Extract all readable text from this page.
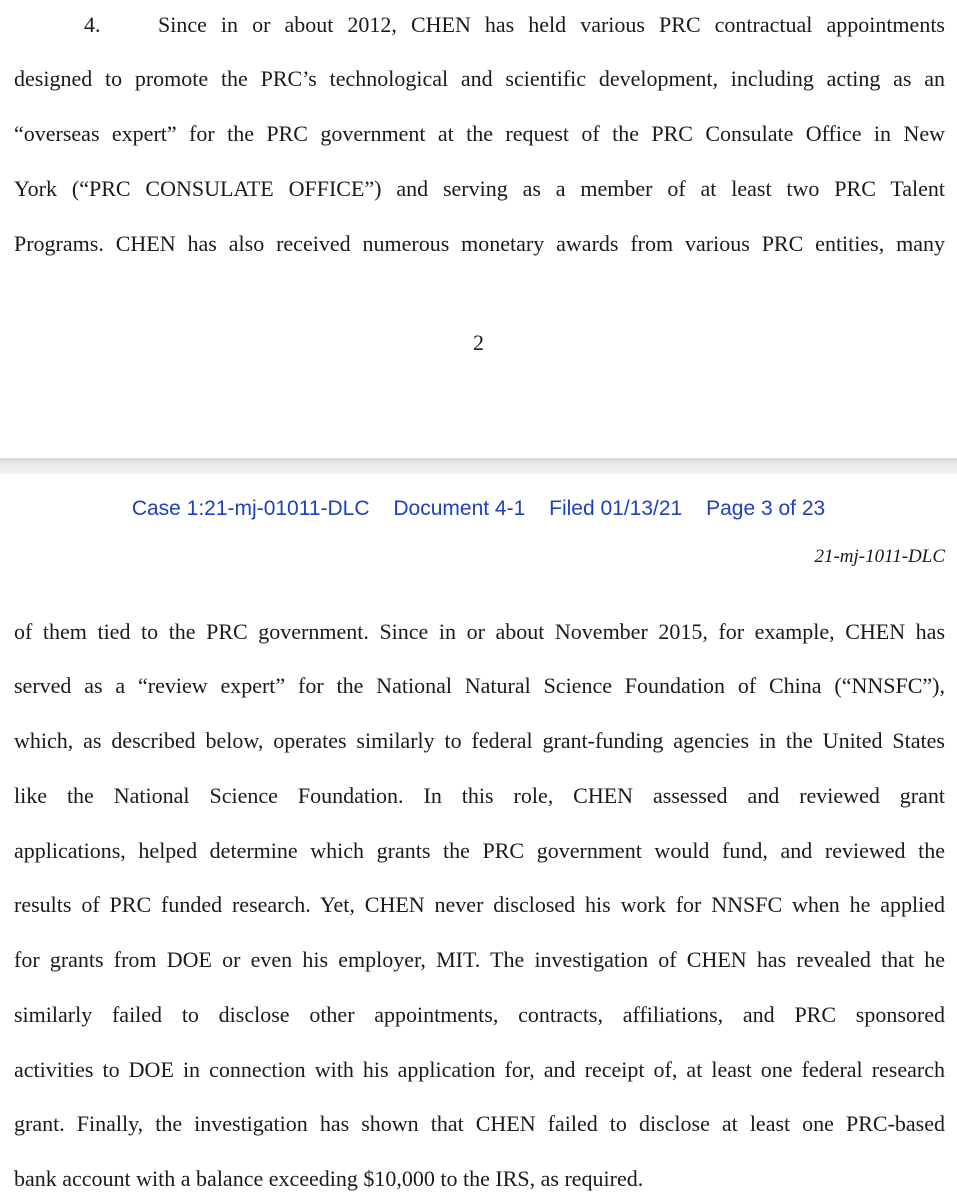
4.	Since in or about 2012, CHEN has held various PRC contractual appointments
designed to promote the PRC’s technological and scientific development, including acting as an
“overseas expert” for the PRC government at the request of the PRC Consulate Office in New
York (“PRC CONSULATE OFFICE”) and serving as a member of at least two PRC Talent
Programs. CHEN has also received numerous monetary awards from various PRC entities, many
2
Case 1:21-mj-01011-DLC Document 4-1 Filed 01/13/21 Page 3 of 23
21-mj-1011-DLC
of them tied to the PRC government. Since in or about November 2015, for example, CHEN has
served as a “review expert” for the National Natural Science Foundation of China (“NNSFC”),
which, as described below, operates similarly to federal grant-funding agencies in the United States
like the National Science Foundation. In this role, CHEN assessed and reviewed grant
applications, helped determine which grants the PRC government would fund, and reviewed the
results of PRC funded research. Yet, CHEN never disclosed his work for NNSFC when he applied
for grants from DOE or even his employer, MIT. The investigation of CHEN has revealed that he
similarly failed to disclose other appointments, contracts, affiliations, and PRC sponsored
activities to DOE in connection with his application for, and receipt of, at least one federal research
grant. Finally, the investigation has shown that CHEN failed to disclose at least one PRC-based
bank account with a balance exceeding $10,000 to the IRS, as required.
